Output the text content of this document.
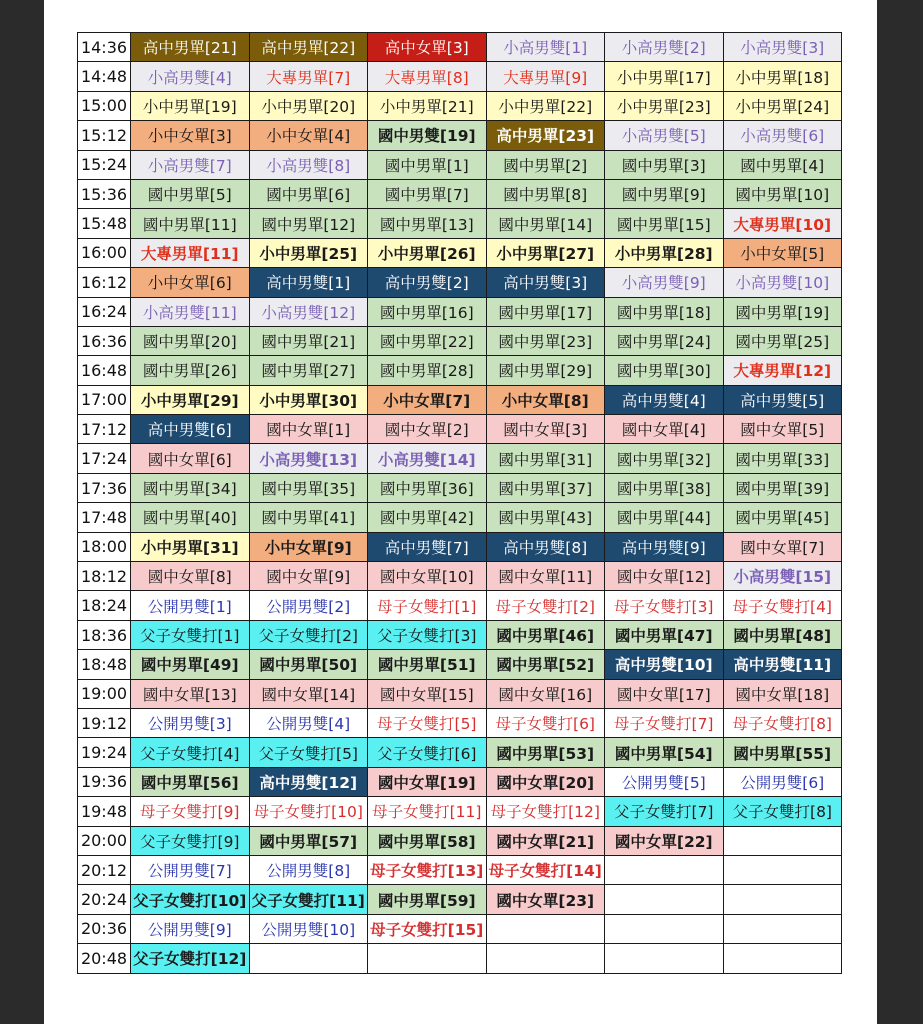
14:36	高中男單[21]	高中男單[22]	高中女單[3]	小高男雙[1]	小高男雙[2]	小高男雙[3]
14:48	小高男雙[4]	大專男單[7]	大專男單[8]	大專男單[9]	小中男單[17]	小中男單[18]
15:00	小中男單[19]	小中男單[20]	小中男單[21]	小中男單[22]	小中男單[23]	小中男單[24]
15:12	小中女單[3]	小中女單[4]	國中男雙[19]	高中男單[23]	小高男雙[5]	小高男雙[6]
15:24	小高男雙[7]	小高男雙[8]	國中男單[1]	國中男單[2]	國中男單[3]	國中男單[4]
15:36	國中男單[5]	國中男單[6]	國中男單[7]	國中男單[8]	國中男單[9]	國中男單[10]
15:48	國中男單[11]	國中男單[12]	國中男單[13]	國中男單[14]	國中男單[15]	大專男單[10]
16:00	大專男單[11]	小中男單[25]	小中男單[26]	小中男單[27]	小中男單[28]	小中女單[5]
16:12	小中女單[6]	高中男雙[1]	高中男雙[2]	高中男雙[3]	小高男雙[9]	小高男雙[10]
16:24	小高男雙[11]	小高男雙[12]	國中男單[16]	國中男單[17]	國中男單[18]	國中男單[19]
16:36	國中男單[20]	國中男單[21]	國中男單[22]	國中男單[23]	國中男單[24]	國中男單[25]
16:48	國中男單[26]	國中男單[27]	國中男單[28]	國中男單[29]	國中男單[30]	大專男單[12]
17:00	小中男單[29]	小中男單[30]	小中女單[7]	小中女單[8]	高中男雙[4]	高中男雙[5]
17:12	高中男雙[6]	國中女單[1]	國中女單[2]	國中女單[3]	國中女單[4]	國中女單[5]
17:24	國中女單[6]	小高男雙[13]	小高男雙[14]	國中男單[31]	國中男單[32]	國中男單[33]
17:36	國中男單[34]	國中男單[35]	國中男單[36]	國中男單[37]	國中男單[38]	國中男單[39]
17:48	國中男單[40]	國中男單[41]	國中男單[42]	國中男單[43]	國中男單[44]	國中男單[45]
18:00	小中男單[31]	小中女單[9]	高中男雙[7]	高中男雙[8]	高中男雙[9]	國中女單[7]
18:12	國中女單[8]	國中女單[9]	國中女單[10]	國中女單[11]	國中女單[12]	小高男雙[15]
18:24	公開男雙[1]	公開男雙[2]	母子女雙打[1]	母子女雙打[2]	母子女雙打[3]	母子女雙打[4]
18:36	父子女雙打[1]	父子女雙打[2]	父子女雙打[3]	國中男單[46]	國中男單[47]	國中男單[48]
18:48	國中男單[49]	國中男單[50]	國中男單[51]	國中男單[52]	高中男雙[10]	高中男雙[11]
19:00	國中女單[13]	國中女單[14]	國中女單[15]	國中女單[16]	國中女單[17]	國中女單[18]
19:12	公開男雙[3]	公開男雙[4]	母子女雙打[5]	母子女雙打[6]	母子女雙打[7]	母子女雙打[8]
19:24	父子女雙打[4]	父子女雙打[5]	父子女雙打[6]	國中男單[53]	國中男單[54]	國中男單[55]
19:36	國中男單[56]	高中男雙[12]	國中女單[19]	國中女單[20]	公開男雙[5]	公開男雙[6]
19:48	母子女雙打[9]	母子女雙打[10]	母子女雙打[11]	母子女雙打[12]	父子女雙打[7]	父子女雙打[8]
20:00	父子女雙打[9]	國中男單[57]	國中男單[58]	國中女單[21]	國中女單[22]	
20:12	公開男雙[7]	公開男雙[8]	母子女雙打[13]	母子女雙打[14]		
20:24	父子女雙打[10]	父子女雙打[11]	國中男單[59]	國中女單[23]		
20:36	公開男雙[9]	公開男雙[10]	母子女雙打[15]			
20:48	父子女雙打[12]					
